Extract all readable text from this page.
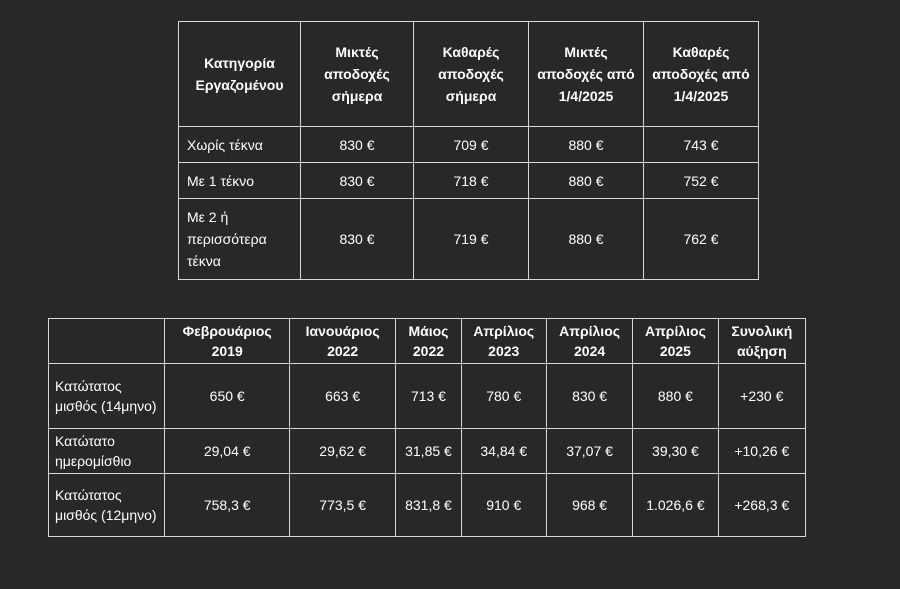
Κατηγορία Εργαζομένου	Μικτές αποδοχές σήμερα	Καθαρές αποδοχές σήμερα	Μικτές αποδοχές από 1/4/2025	Καθαρές αποδοχές από 1/4/2025
Χωρίς τέκνα	830 €	709 €	880 €	743 €
Με 1 τέκνο	830 €	718 €	880 €	752 €
Με 2 ή περισσότερα τέκνα	830 €	719 €	880 €	762 €
	Φεβρουάριος 2019	Ιανουάριος 2022	Μάιος 2022	Απρίλιος 2023	Απρίλιος 2024	Απρίλιος 2025	Συνολική αύξηση
Κατώτατος μισθός (14μηνο)	650 €	663 €	713 €	780 €	830 €	880 €	+230 €
Κατώτατο ημερομίσθιο	29,04 €	29,62 €	31,85 €	34,84 €	37,07 €	39,30 €	+10,26 €
Κατώτατος μισθός (12μηνο)	758,3 €	773,5 €	831,8 €	910 €	968 €	1.026,6 €	+268,3 €
